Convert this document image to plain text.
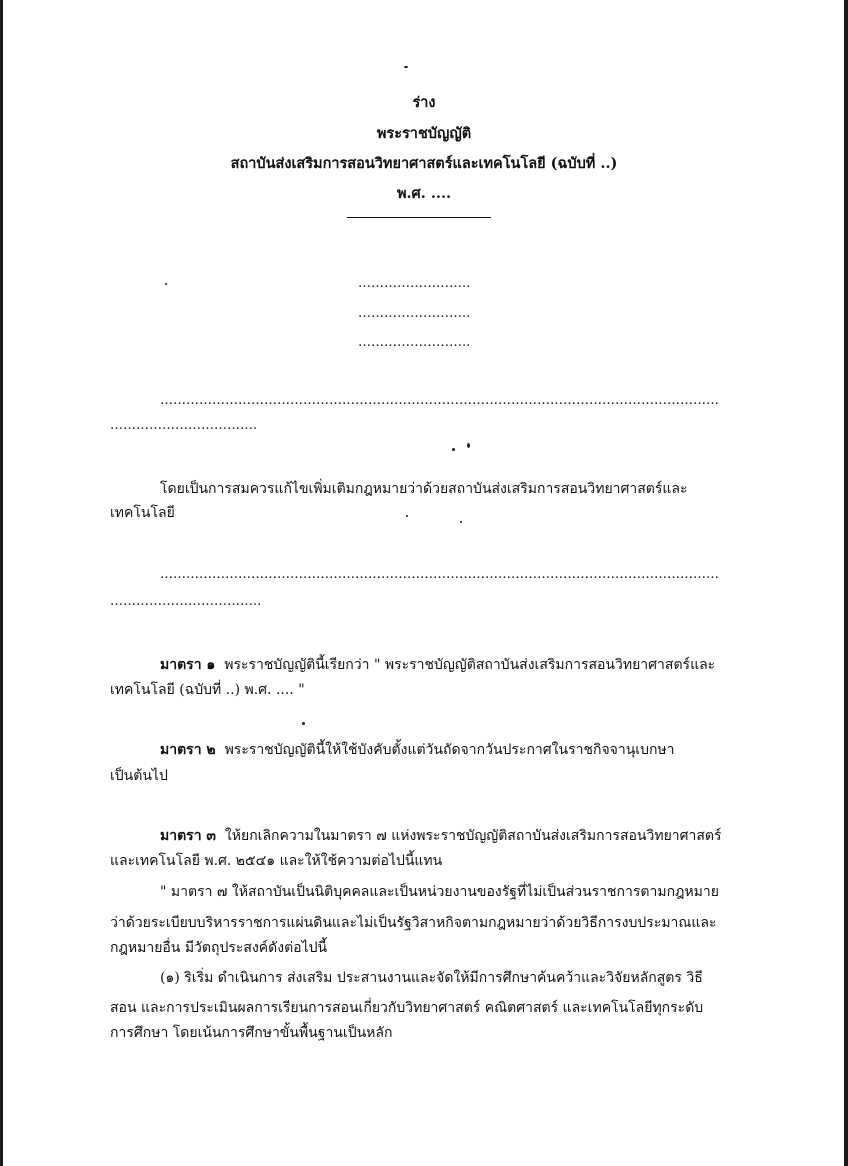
ร่าง
พระราชบัญญัติ
สถาบันส่งเสริมการสอนวิทยาศาสตร์และเทคโนโลยี (ฉบับที่ ..)
พ.ศ. ....
……………………..
……………………..
……………………..
…………………………………………………………………………………………………………………
…………………………….
โดยเป็นการสมควรแก้ไขเพิ่มเติมกฎหมายว่าด้วยสถาบันส่งเสริมการสอนวิทยาศาสตร์และ
เทคโนโลยี
…………………………………………………………………………………………………………………
……………………………..
มาตรา ๑ พระราชบัญญัตินี้เรียกว่า " พระราชบัญญัติสถาบันส่งเสริมการสอนวิทยาศาสตร์และ
เทคโนโลยี (ฉบับที่ ..) พ.ศ. .... "
มาตรา ๒ พระราชบัญญัตินี้ให้ใช้บังคับตั้งแต่วันถัดจากวันประกาศในราชกิจจานุเบกษา
เป็นต้นไป
มาตรา ๓ ให้ยกเลิกความในมาตรา ๗ แห่งพระราชบัญญัติสถาบันส่งเสริมการสอนวิทยาศาสตร์
และเทคโนโลยี พ.ศ. ๒๕๔๑ และให้ใช้ความต่อไปนี้แทน
" มาตรา ๗ ให้สถาบันเป็นนิติบุคคลและเป็นหน่วยงานของรัฐที่ไม่เป็นส่วนราชการตามกฎหมาย
ว่าด้วยระเบียบบริหารราชการแผ่นดินและไม่เป็นรัฐวิสาหกิจตามกฎหมายว่าด้วยวิธีการงบประมาณและ
กฎหมายอื่น มีวัตถุประสงค์ดังต่อไปนี้
(๑) ริเริ่ม ดำเนินการ ส่งเสริม ประสานงานและจัดให้มีการศึกษาค้นคว้าและวิจัยหลักสูตร วิธี
สอน และการประเมินผลการเรียนการสอนเกี่ยวกับวิทยาศาสตร์ คณิตศาสตร์ และเทคโนโลยีทุกระดับ
การศึกษา โดยเน้นการศึกษาขั้นพื้นฐานเป็นหลัก
